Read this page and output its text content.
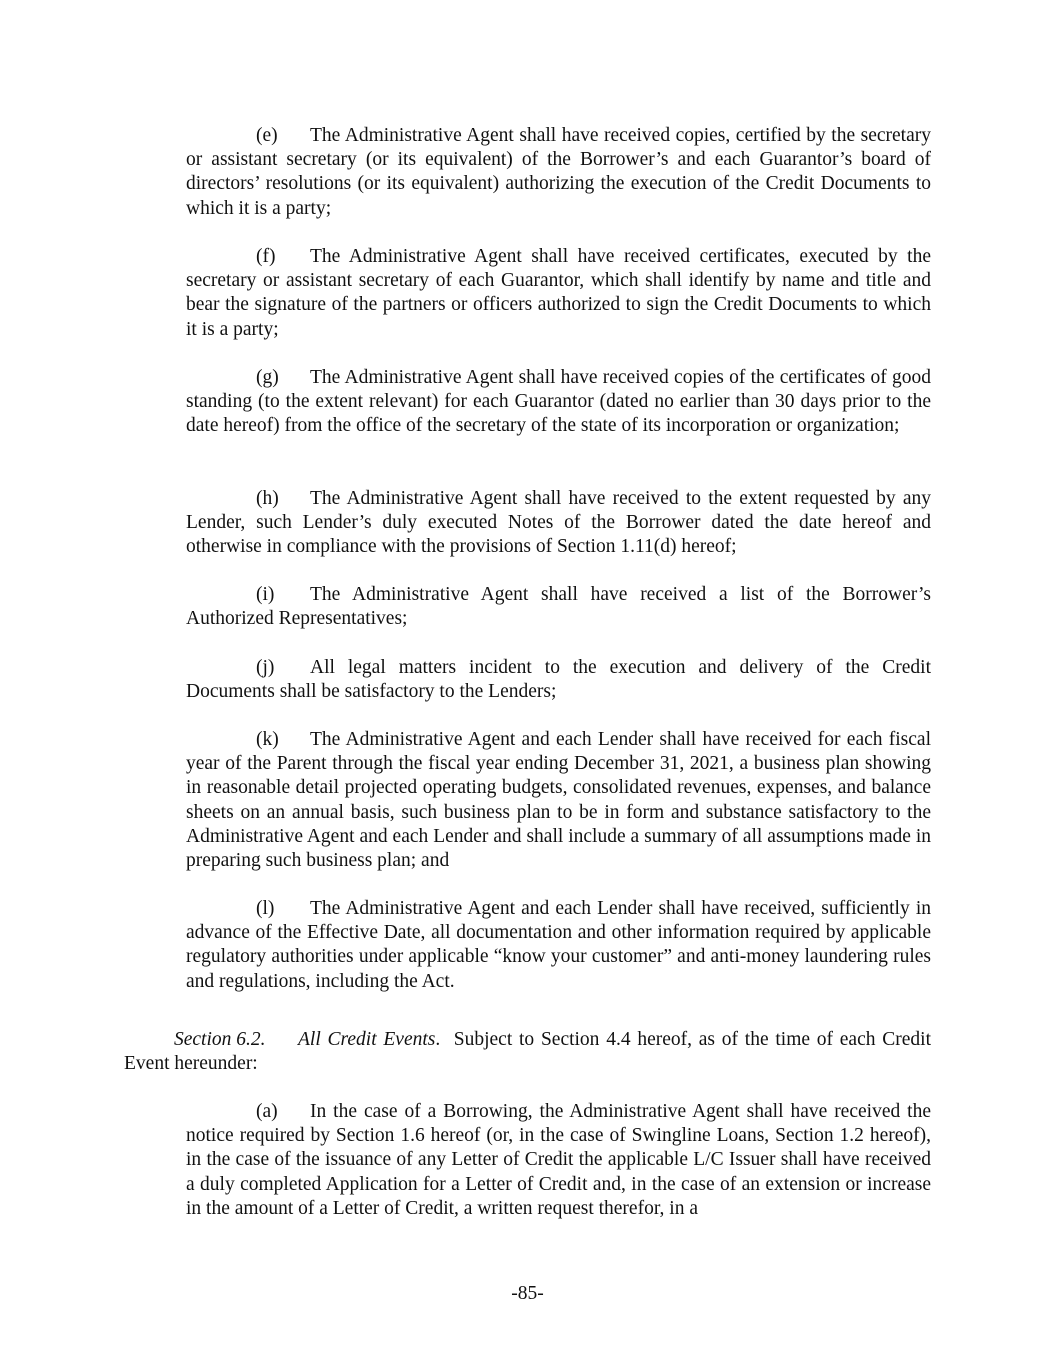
(e) The Administrative Agent shall have received copies, certified by the secretary or assistant secretary (or its equivalent) of the Borrower’s and each Guarantor’s board of directors’ resolutions (or its equivalent) authorizing the execution of the Credit Documents to which it is a party;

(f) The Administrative Agent shall have received certificates, executed by the secretary or assistant secretary of each Guarantor, which shall identify by name and title and bear the signature of the partners or officers authorized to sign the Credit Documents to which it is a party;

(g) The Administrative Agent shall have received copies of the certificates of good standing (to the extent relevant) for each Guarantor (dated no earlier than 30 days prior to the date hereof) from the office of the secretary of the state of its incorporation or organization;

(h) The Administrative Agent shall have received to the extent requested by any Lender, such Lender’s duly executed Notes of the Borrower dated the date hereof and otherwise in compliance with the provisions of Section 1.11(d) hereof;

(i) The Administrative Agent shall have received a list of the Borrower’s Authorized Representatives;

(j) All legal matters incident to the execution and delivery of the Credit Documents shall be satisfactory to the Lenders;

(k) The Administrative Agent and each Lender shall have received for each fiscal year of the Parent through the fiscal year ending December 31, 2021, a business plan showing in reasonable detail projected operating budgets, consolidated revenues, expenses, and balance sheets on an annual basis, such business plan to be in form and substance satisfactory to the Administrative Agent and each Lender and shall include a summary of all assumptions made in preparing such business plan; and

(l) The Administrative Agent and each Lender shall have received, sufficiently in advance of the Effective Date, all documentation and other information required by applicable regulatory authorities under applicable “know your customer” and anti-money laundering rules and regulations, including the Act.

Section 6.2. All Credit Events.  Subject to Section 4.4 hereof, as of the time of each Credit Event hereunder:

(a) In the case of a Borrowing, the Administrative Agent shall have received the notice required by Section 1.6 hereof (or, in the case of Swingline Loans, Section 1.2 hereof), in the case of the issuance of any Letter of Credit the applicable L/C Issuer shall have received a duly completed Application for a Letter of Credit and, in the case of an extension or increase in the amount of a Letter of Credit, a written request therefor, in a

-85-
